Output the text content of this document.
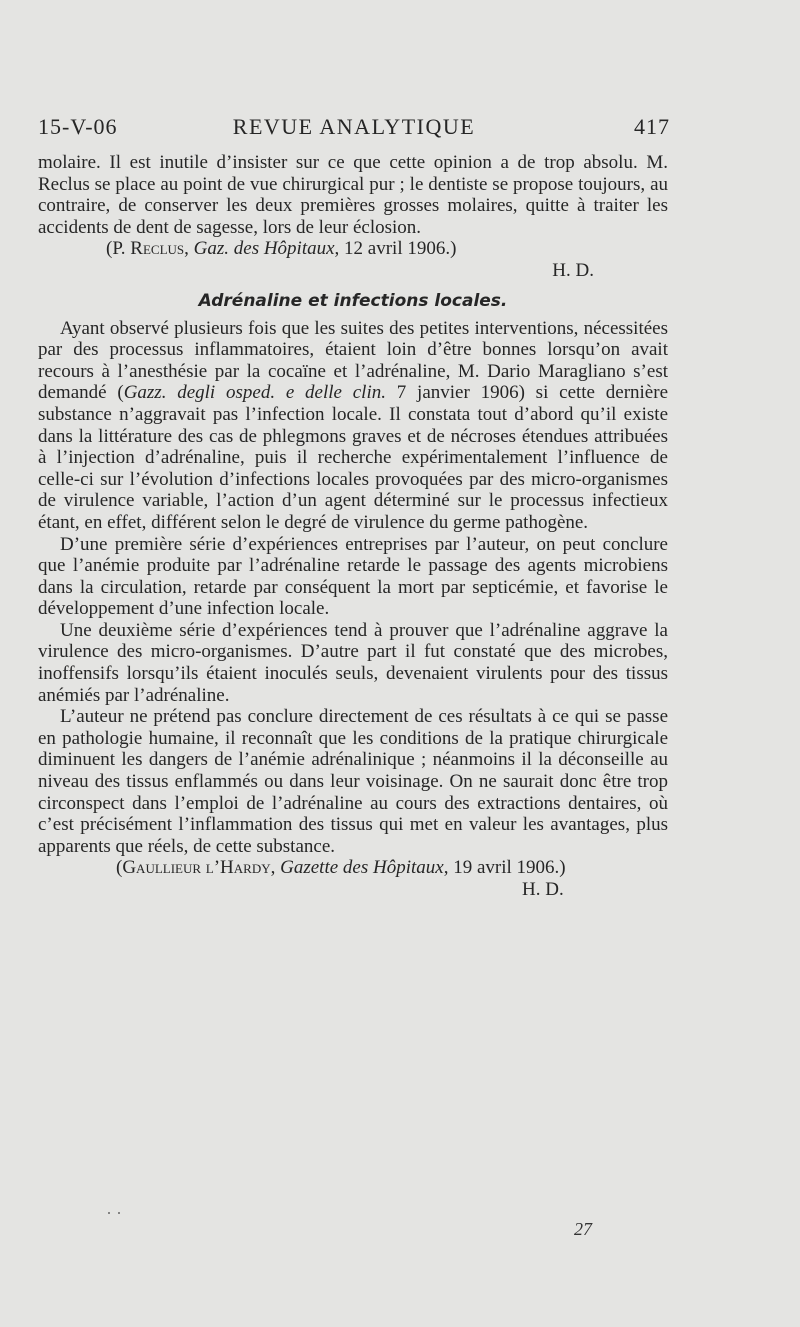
15-V-06	REVUE ANALYTIQUE	417

molaire. Il est inutile d’insister sur ce que cette opinion a de trop absolu. M. Reclus se place au point de vue chirurgical pur ; le dentiste se propose toujours, au contraire, de conserver les deux premières grosses molaires, quitte à traiter les accidents de dent de sagesse, lors de leur éclosion.

(P. Reclus, Gaz. des Hôpitaux, 12 avril 1906.)

H. D.

Adrénaline et infections locales.

Ayant observé plusieurs fois que les suites des petites interventions, nécessitées par des processus inflammatoires, étaient loin d’être bonnes lorsqu’on avait recours à l’anesthésie par la cocaïne et l’adrénaline, M. Dario Maragliano s’est demandé (Gazz. degli osped. e delle clin. 7 janvier 1906) si cette dernière substance n’aggravait pas l’infection locale. Il constata tout d’abord qu’il existe dans la littérature des cas de phlegmons graves et de nécroses étendues attribuées à l’injection d’adrénaline, puis il recherche expérimentalement l’influence de celle-ci sur l’évolution d’infections locales provoquées par des micro-organismes de virulence variable, l’action d’un agent déterminé sur le processus infectieux étant, en effet, différent selon le degré de virulence du germe pathogène.

D’une première série d’expériences entreprises par l’auteur, on peut conclure que l’anémie produite par l’adrénaline retarde le passage des agents microbiens dans la circulation, retarde par conséquent la mort par septicémie, et favorise le développement d’une infection locale.

Une deuxième série d’expériences tend à prouver que l’adrénaline aggrave la virulence des micro-organismes. D’autre part il fut constaté que des microbes, inoffensifs lorsqu’ils étaient inoculés seuls, devenaient virulents pour des tissus anémiés par l’adrénaline.

L’auteur ne prétend pas conclure directement de ces résultats à ce qui se passe en pathologie humaine, il reconnaît que les conditions de la pratique chirurgicale diminuent les dangers de l’anémie adrénalinique ; néanmoins il la déconseille au niveau des tissus enflammés ou dans leur voisinage. On ne saurait donc être trop circonspect dans l’emploi de l’adrénaline au cours des extractions dentaires, où c’est précisément l’inflammation des tissus qui met en valeur les avantages, plus apparents que réels, de cette substance.

(Gaullieur l’Hardy, Gazette des Hôpitaux, 19 avril 1906.)

H. D.

27
